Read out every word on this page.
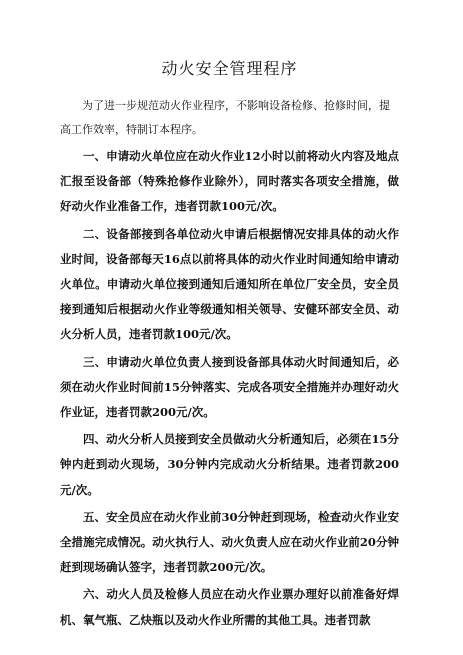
动火安全管理程序

为了进一步规范动火作业程序，不影响设备检修、抢修时间，提高工作效率，特制订本程序。

一、申请动火单位应在动火作业12小时以前将动火内容及地点汇报至设备部（特殊抢修作业除外），同时落实各项安全措施，做好动火作业准备工作，违者罚款100元/次。

二、设备部接到各单位动火申请后根据情况安排具体的动火作业时间，设备部每天16点以前将具体的动火作业时间通知给申请动火单位。申请动火单位接到通知后通知所在单位厂安全员，安全员接到通知后根据动火作业等级通知相关领导、安健环部安全员、动火分析人员，违者罚款100元/次。

三、申请动火单位负责人接到设备部具体动火时间通知后，必须在动火作业时间前15分钟落实、完成各项安全措施并办理好动火作业证，违者罚款200元/次。

四、动火分析人员接到安全员做动火分析通知后，必须在15分钟内赶到动火现场，30分钟内完成动火分析结果。违者罚款200元/次。

五、安全员应在动火作业前30分钟赶到现场，检查动火作业安全措施完成情况。动火执行人、动火负责人应在动火作业前20分钟赶到现场确认签字，违者罚款200元/次。

六、动火人员及检修人员应在动火作业票办理好以前准备好焊机、氧气瓶、乙炔瓶以及动火作业所需的其他工具。违者罚款
